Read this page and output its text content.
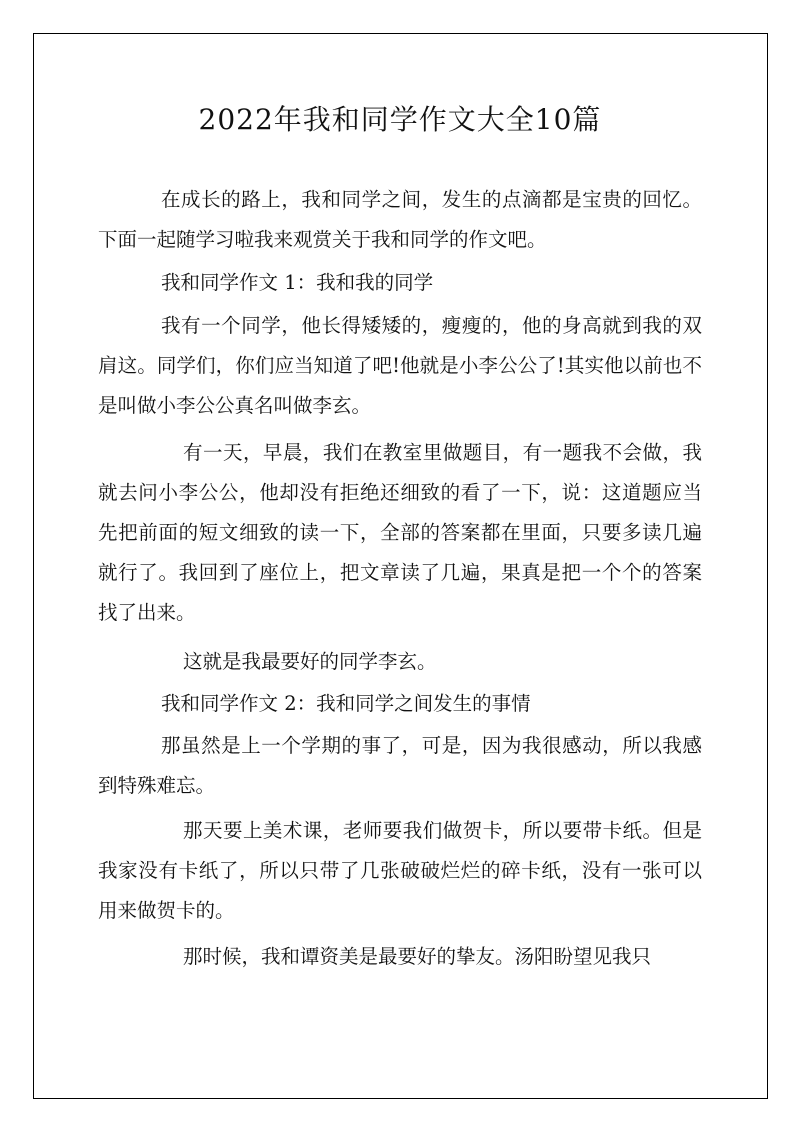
2022年我和同学作文大全10篇
在成长的路上，我和同学之间，发生的点滴都是宝贵的回忆。下面一起随学习啦我来观赏关于我和同学的作文吧。
我和同学作文 1：我和我的同学
我有一个同学，他长得矮矮的，瘦瘦的，他的身高就到我的双肩这。同学们，你们应当知道了吧!他就是小李公公了!其实他以前也不是叫做小李公公真名叫做李玄。
有一天，早晨，我们在教室里做题目，有一题我不会做，我就去问小李公公，他却没有拒绝还细致的看了一下，说：这道题应当先把前面的短文细致的读一下，全部的答案都在里面，只要多读几遍就行了。我回到了座位上，把文章读了几遍，果真是把一个个的答案找了出来。
这就是我最要好的同学李玄。
我和同学作文 2：我和同学之间发生的事情
那虽然是上一个学期的事了，可是，因为我很感动，所以我感到特殊难忘。
那天要上美术课，老师要我们做贺卡，所以要带卡纸。但是我家没有卡纸了，所以只带了几张破破烂烂的碎卡纸，没有一张可以用来做贺卡的。
那时候，我和谭资美是最要好的挚友。汤阳盼望见我只
